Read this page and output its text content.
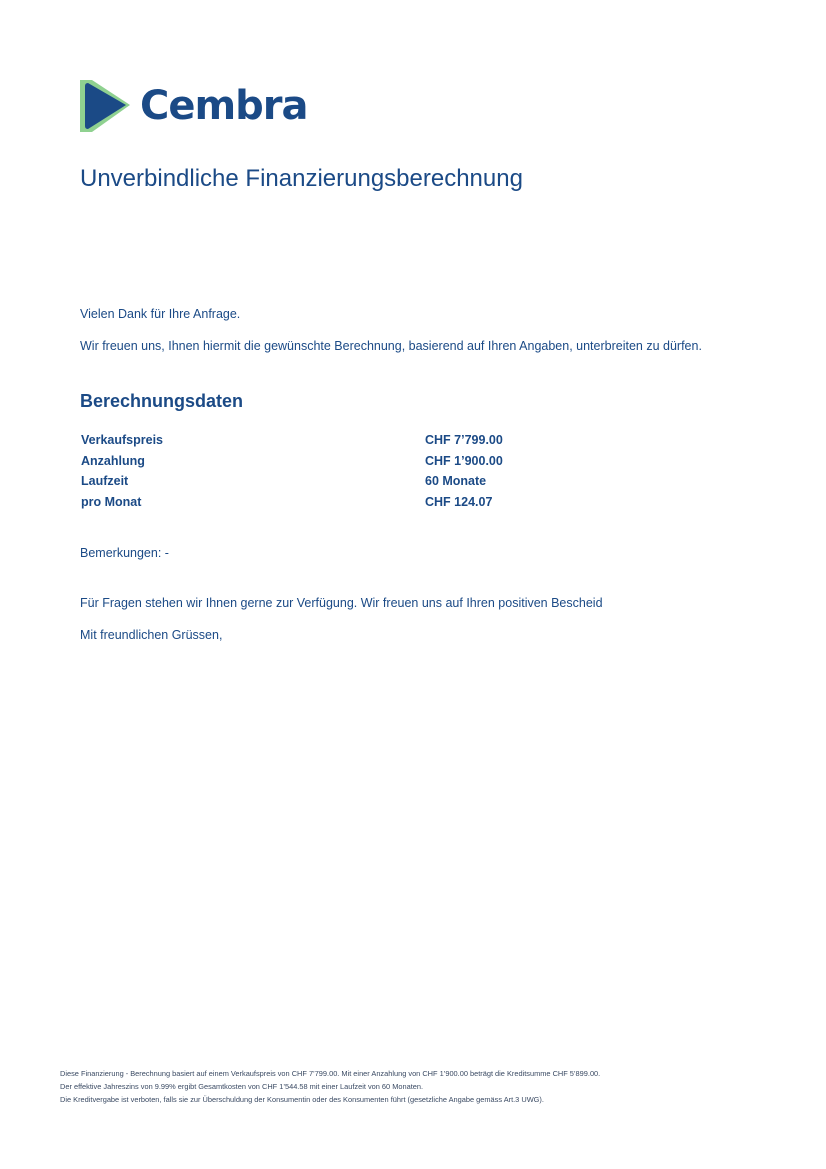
Cembra
Unverbindliche Finanzierungsberechnung

Vielen Dank für Ihre Anfrage.

Wir freuen uns, Ihnen hiermit die gewünschte Berechnung, basierend auf Ihren Angaben, unterbreiten zu dürfen.

Berechnungsdaten
Verkaufspreis	CHF 7’799.00
Anzahlung	CHF 1’900.00
Laufzeit	60 Monate
pro Monat	CHF 124.07

Bemerkungen: -

Für Fragen stehen wir Ihnen gerne zur Verfügung. Wir freuen uns auf Ihren positiven Bescheid

Mit freundlichen Grüssen,

Diese Finanzierung - Berechnung basiert auf einem Verkaufspreis von CHF 7’799.00. Mit einer Anzahlung von CHF 1’900.00 beträgt die Kreditsumme CHF 5’899.00.
Der effektive Jahreszins von 9.99% ergibt Gesamtkosten von CHF 1’544.58 mit einer Laufzeit von 60 Monaten.
Die Kreditvergabe ist verboten, falls sie zur Überschuldung der Konsumentin oder des Konsumenten führt (gesetzliche Angabe gemäss Art.3 UWG).
